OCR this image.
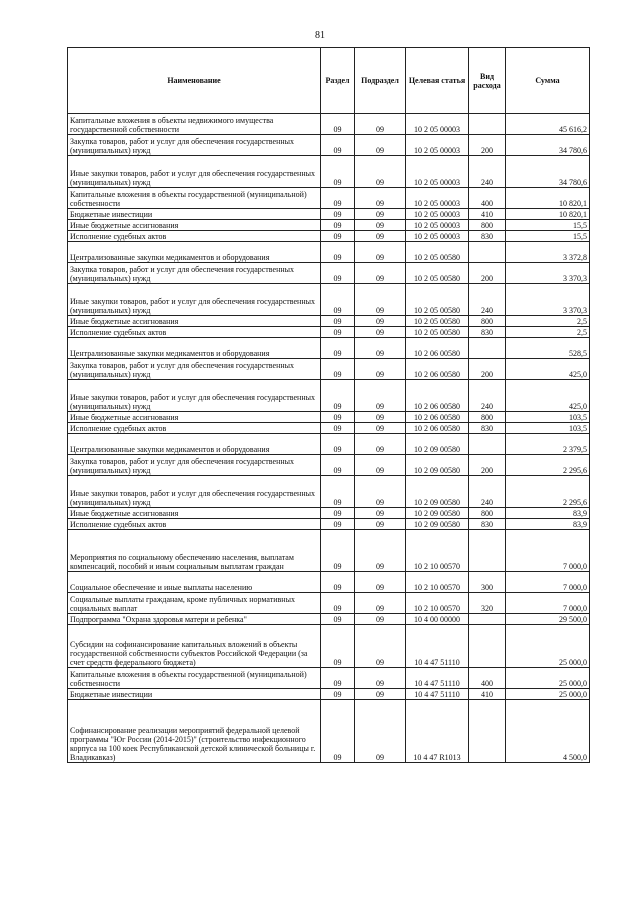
81
Наименование	Раздел	Подраздел	Целевая статья	Вид расхода	Сумма
Капитальные вложения в объекты недвижимого имущества государственной собственности	09	09	10 2 05 00003		45 616,2
Закупка товаров, работ и услуг для обеспечения государственных (муниципальных) нужд	09	09	10 2 05 00003	200	34 780,6
Иные закупки товаров, работ и услуг для обеспечения государственных (муниципальных) нужд	09	09	10 2 05 00003	240	34 780,6
Капитальные вложения в объекты государственной (муниципальной) собственности	09	09	10 2 05 00003	400	10 820,1
Бюджетные инвестиции	09	09	10 2 05 00003	410	10 820,1
Иные бюджетные ассигнования	09	09	10 2 05 00003	800	15,5
Исполнение судебных актов	09	09	10 2 05 00003	830	15,5
Централизованные закупки медикаментов и оборудования	09	09	10 2 05 00580		3 372,8
Закупка товаров, работ и услуг для обеспечения государственных (муниципальных) нужд	09	09	10 2 05 00580	200	3 370,3
Иные закупки товаров, работ и услуг для обеспечения государственных (муниципальных) нужд	09	09	10 2 05 00580	240	3 370,3
Иные бюджетные ассигнования	09	09	10 2 05 00580	800	2,5
Исполнение судебных актов	09	09	10 2 05 00580	830	2,5
Централизованные закупки медикаментов и оборудования	09	09	10 2 06 00580		528,5
Закупка товаров, работ и услуг для обеспечения государственных (муниципальных) нужд	09	09	10 2 06 00580	200	425,0
Иные закупки товаров, работ и услуг для обеспечения государственных (муниципальных) нужд	09	09	10 2 06 00580	240	425,0
Иные бюджетные ассигнования	09	09	10 2 06 00580	800	103,5
Исполнение судебных актов	09	09	10 2 06 00580	830	103,5
Централизованные закупки медикаментов и оборудования	09	09	10 2 09 00580		2 379,5
Закупка товаров, работ и услуг для обеспечения государственных (муниципальных) нужд	09	09	10 2 09 00580	200	2 295,6
Иные закупки товаров, работ и услуг для обеспечения государственных (муниципальных) нужд	09	09	10 2 09 00580	240	2 295,6
Иные бюджетные ассигнования	09	09	10 2 09 00580	800	83,9
Исполнение судебных актов	09	09	10 2 09 00580	830	83,9
Мероприятия по социальному обеспечению населения, выплатам компенсаций, пособий и иным социальным выплатам граждан	09	09	10 2 10 00570		7 000,0
Социальное обеспечение и иные выплаты населению	09	09	10 2 10 00570	300	7 000,0
Социальные выплаты гражданам, кроме публичных нормативных социальных выплат	09	09	10 2 10 00570	320	7 000,0
Подпрограмма "Охрана здоровья матери и ребенка"	09	09	10 4 00 00000		29 500,0
Субсидии на софинансирование капитальных вложений в объекты государственной собственности субъектов Российской Федерации (за счет средств федерального бюджета)	09	09	10 4 47 51110		25 000,0
Капитальные вложения в объекты государственной (муниципальной) собственности	09	09	10 4 47 51110	400	25 000,0
Бюджетные инвестиции	09	09	10 4 47 51110	410	25 000,0
Софинансирование реализации мероприятий федеральной целевой программы "Юг России (2014-2015)" (строительство инфекционного корпуса на 100 коек Республиканской детской клинической больницы г. Владикавказ)	09	09	10 4 47 R1013		4 500,0
